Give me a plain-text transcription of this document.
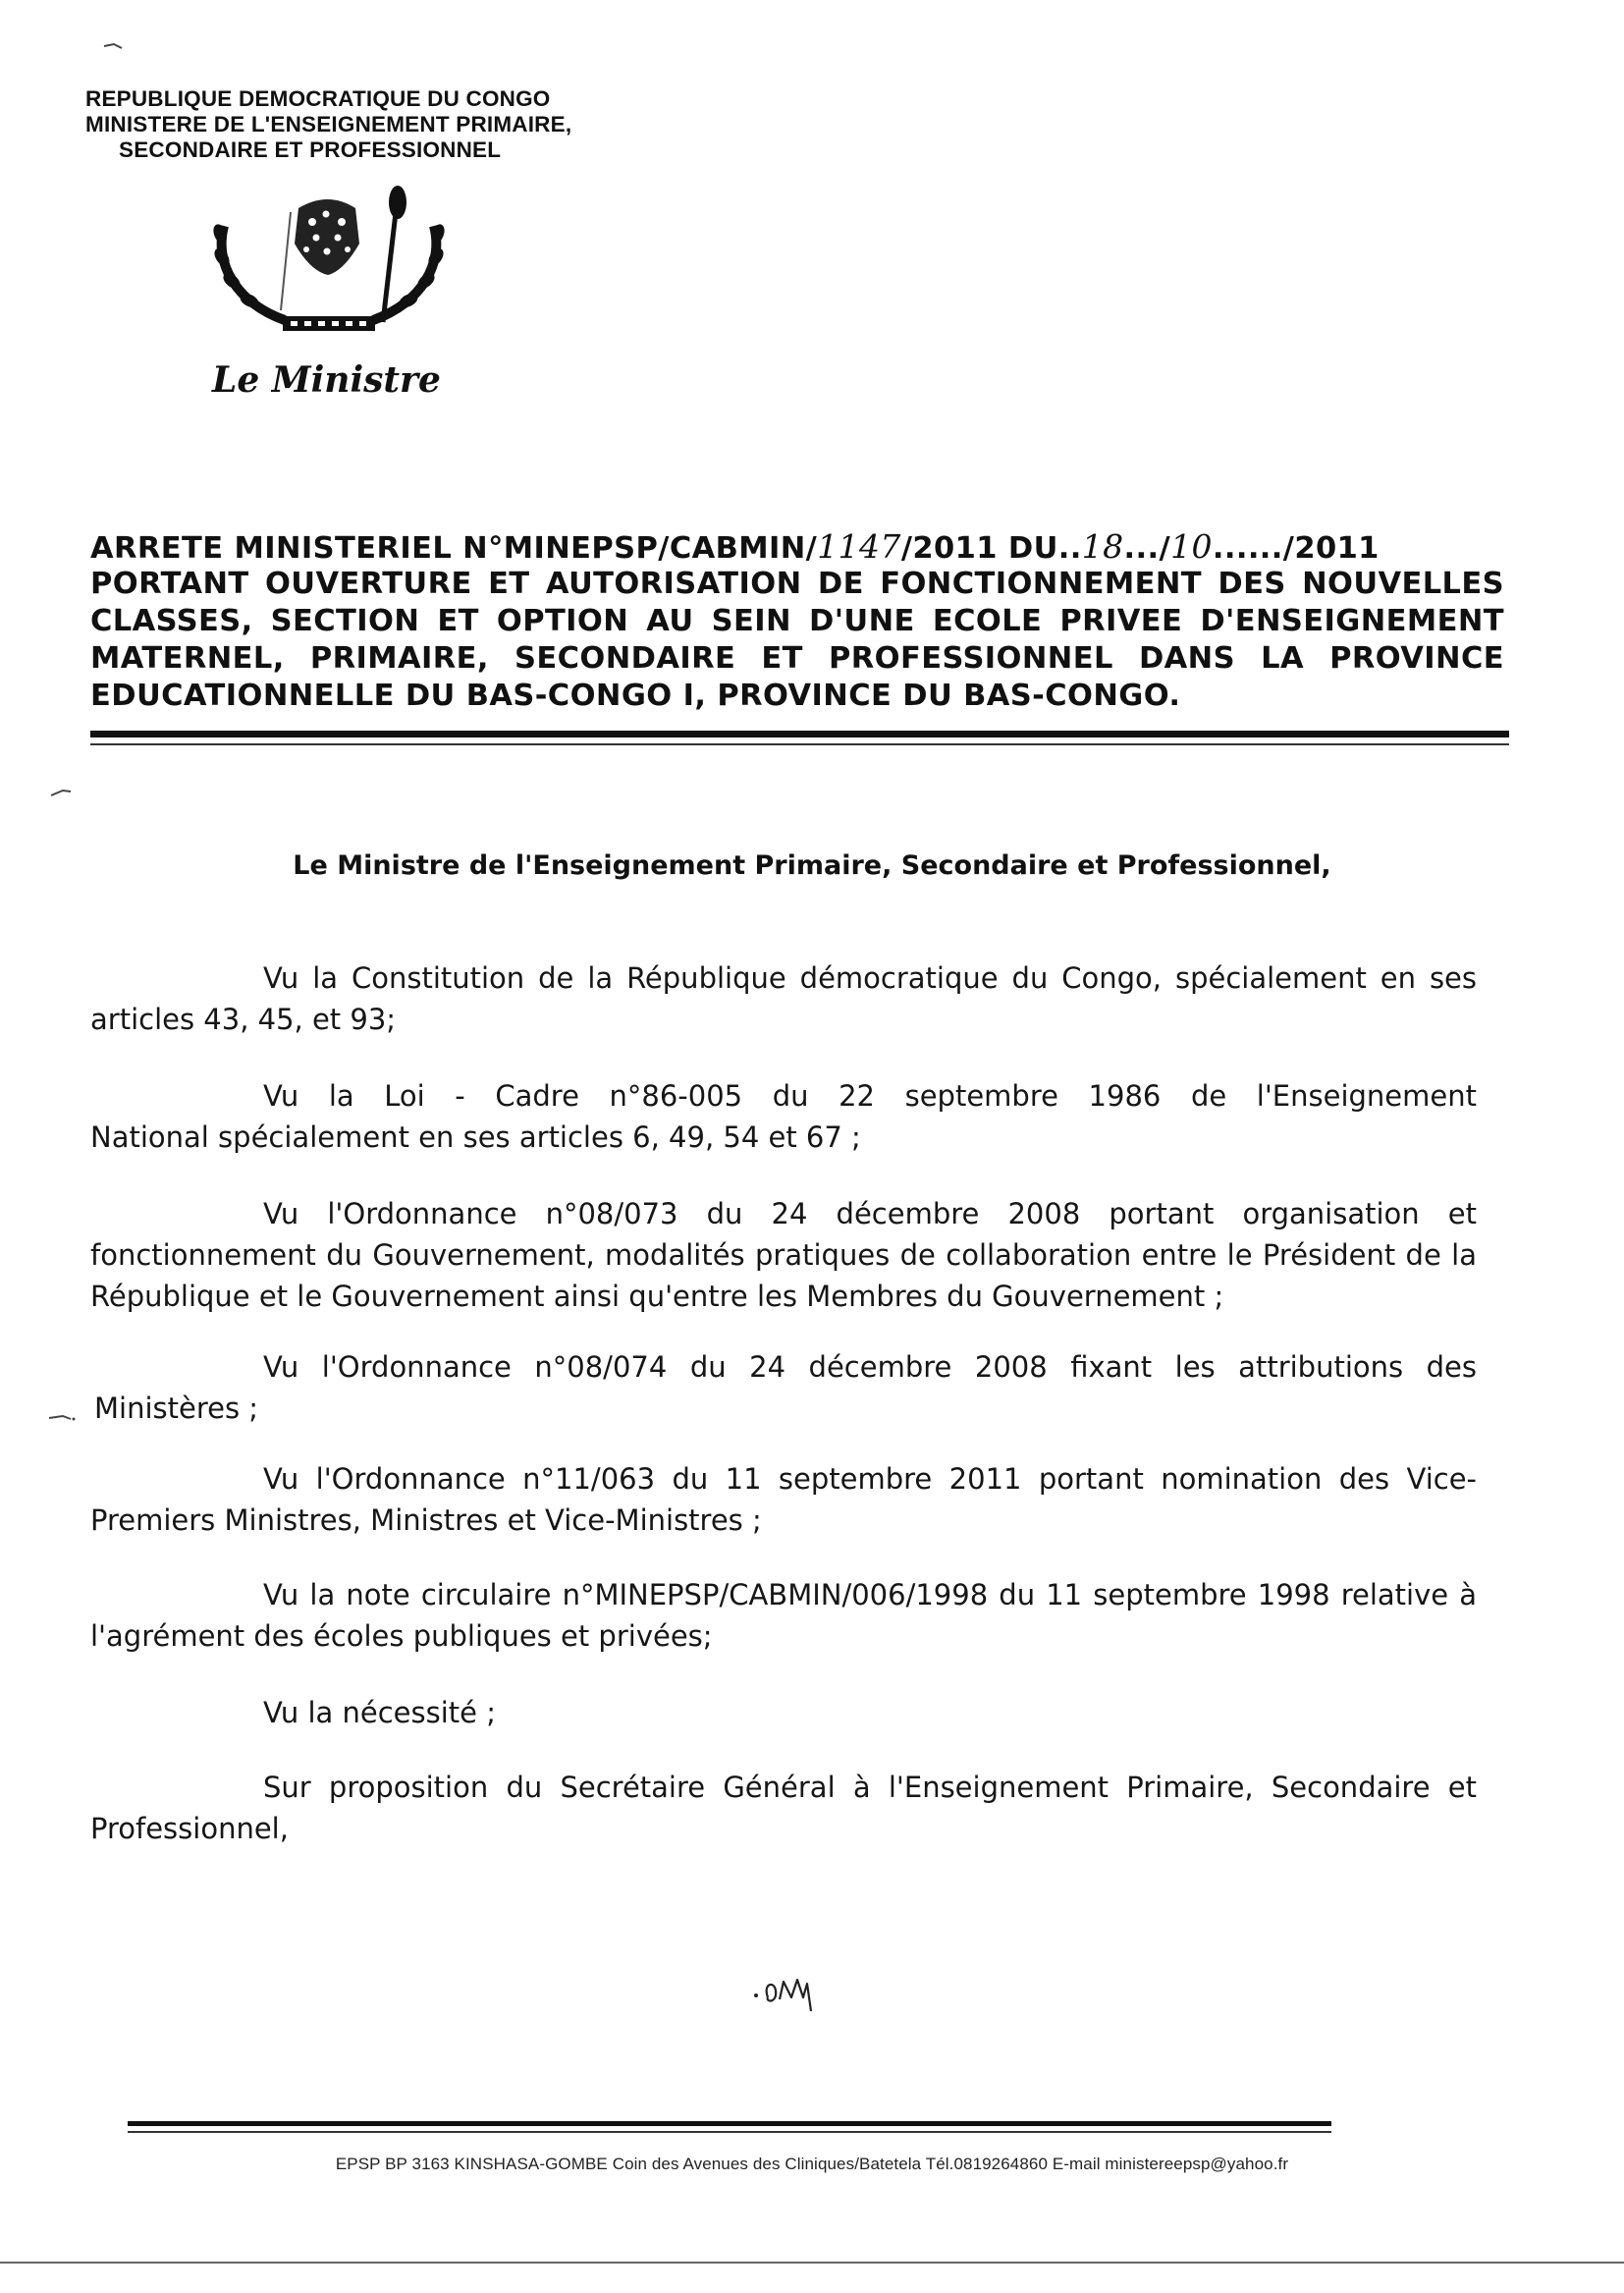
REPUBLIQUE DEMOCRATIQUE DU CONGO
MINISTERE DE L'ENSEIGNEMENT PRIMAIRE,
SECONDAIRE ET PROFESSIONNEL
Le Ministre
ARRETE MINISTERIEL N°MINEPSP/CABMIN/1147/2011 DU..18.../10....../2011
PORTANT OUVERTURE ET AUTORISATION DE FONCTIONNEMENT DES NOUVELLES
CLASSES, SECTION ET OPTION AU SEIN D'UNE ECOLE PRIVEE D'ENSEIGNEMENT
MATERNEL, PRIMAIRE, SECONDAIRE ET PROFESSIONNEL DANS LA PROVINCE
EDUCATIONNELLE DU BAS-CONGO I, PROVINCE DU BAS-CONGO.
Le Ministre de l'Enseignement Primaire, Secondaire et Professionnel,
Vu la Constitution de la République démocratique du Congo, spécialement en ses
articles 43, 45, et 93;
Vu la Loi - Cadre n°86-005 du 22 septembre 1986 de l'Enseignement
National spécialement en ses articles 6, 49, 54 et 67 ;
Vu l'Ordonnance n°08/073 du 24 décembre 2008 portant organisation et
fonctionnement du Gouvernement, modalités pratiques de collaboration entre le Président de la
République et le Gouvernement ainsi qu'entre les Membres du Gouvernement ;
Vu l'Ordonnance n°08/074 du 24 décembre 2008 fixant les attributions des
Ministères ;
Vu l'Ordonnance n°11/063 du 11 septembre 2011 portant nomination des Vice-
Premiers Ministres, Ministres et Vice-Ministres ;
Vu la note circulaire n°MINEPSP/CABMIN/006/1998 du 11 septembre 1998 relative à
l'agrément des écoles publiques et privées;
Vu la nécessité ;
Sur proposition du Secrétaire Général à l'Enseignement Primaire, Secondaire et
Professionnel,
EPSP BP 3163 KINSHASA-GOMBE Coin des Avenues des Cliniques/Batetela Tél.0819264860 E-mail ministereepsp@yahoo.fr
